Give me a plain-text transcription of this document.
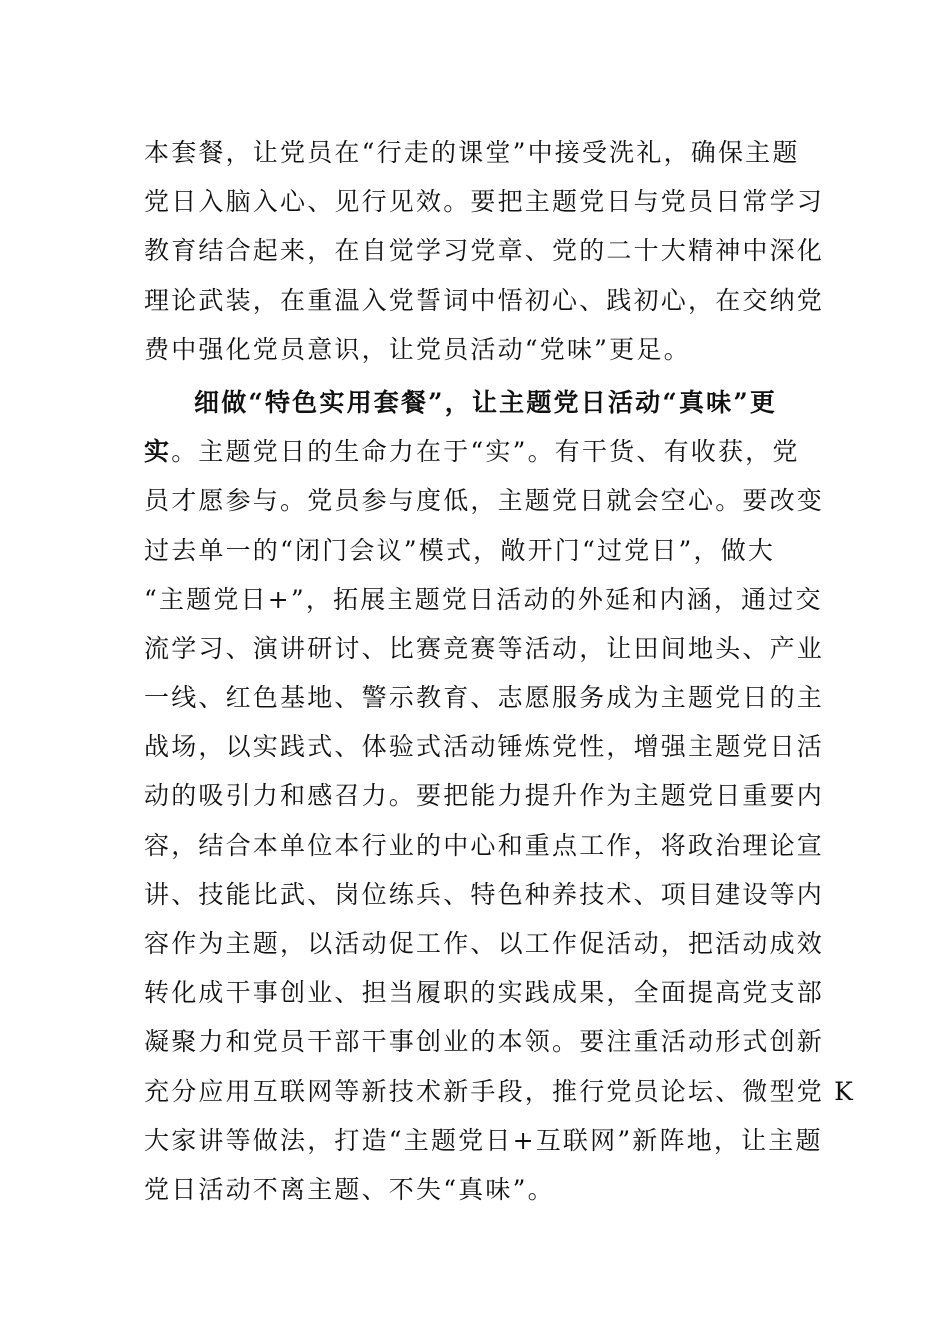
本套餐，让党员在“行走的课堂”中接受洗礼，确保主题
党日入脑入心、见行见效。要把主题党日与党员日常学习
教育结合起来，在自觉学习党章、党的二十大精神中深化
理论武装，在重温入党誓词中悟初心、践初心，在交纳党
费中强化党员意识，让党员活动“党味”更足。
细做“特色实用套餐”，让主题党日活动“真味”更
实。主题党日的生命力在于“实”。有干货、有收获，党
员才愿参与。党员参与度低，主题党日就会空心。要改变
过去单一的“闭门会议”模式，敞开门“过党日”，做大
“主题党日+”，拓展主题党日活动的外延和内涵，通过交
流学习、演讲研讨、比赛竞赛等活动，让田间地头、产业
一线、红色基地、警示教育、志愿服务成为主题党日的主
战场，以实践式、体验式活动锤炼党性，增强主题党日活
动的吸引力和感召力。要把能力提升作为主题党日重要内
容，结合本单位本行业的中心和重点工作，将政治理论宣
讲、技能比武、岗位练兵、特色种养技术、项目建设等内
容作为主题，以活动促工作、以工作促活动，把活动成效
转化成干事创业、担当履职的实践成果，全面提高党支部
凝聚力和党员干部干事创业的本领。要注重活动形式创新
充分应用互联网等新技术新手段，推行党员论坛、微型党 K
大家讲等做法，打造“主题党日+互联网”新阵地，让主题
党日活动不离主题、不失“真味”。
